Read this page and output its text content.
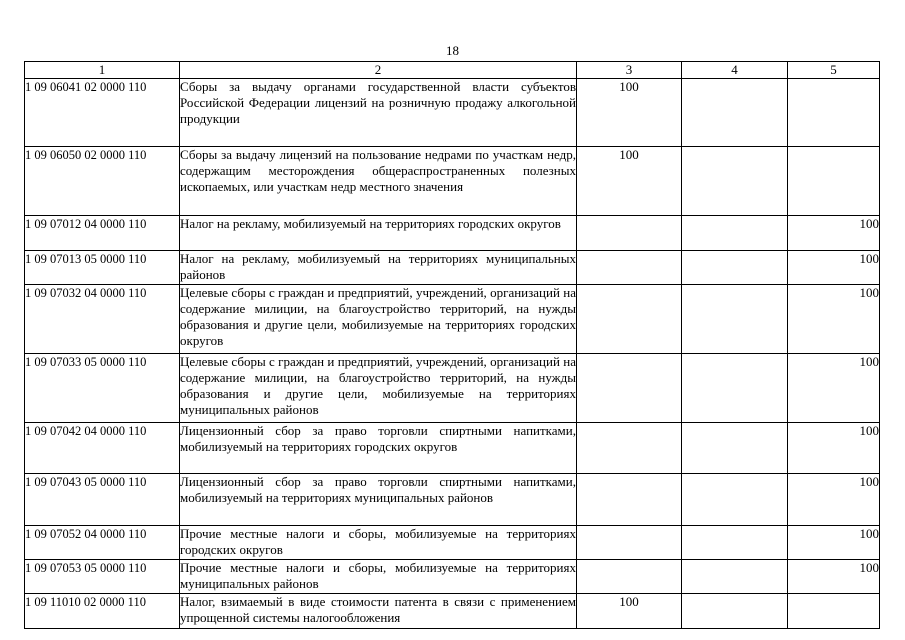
18
1	2	3	4	5
1 09 06041 02 0000 110	Сборы за выдачу органами государственной власти субъектов Российской Федерации лицензий на розничную продажу алкогольной продукции	100		
1 09 06050 02 0000 110	Сборы за выдачу лицензий на пользование недрами по участкам недр, содержащим месторождения общераспространенных полезных ископаемых, или участкам недр местного значения	100		
1 09 07012 04 0000 110	Налог на рекламу, мобилизуемый на территориях городских округов			100
1 09 07013 05 0000 110	Налог на рекламу, мобилизуемый на территориях муниципальных районов			100
1 09 07032 04 0000 110	Целевые сборы с граждан и предприятий, учреждений, организаций на содержание милиции, на благоустройство территорий, на нужды образования и другие цели, мобилизуемые на территориях городских округов			100
1 09 07033 05 0000 110	Целевые сборы с граждан и предприятий, учреждений, организаций на содержание милиции, на благоустройство территорий, на нужды образования и другие цели, мобилизуемые на территориях муниципальных районов			100
1 09 07042 04 0000 110	Лицензионный сбор за право торговли спиртными напитками, мобилизуемый на территориях городских округов			100
1 09 07043 05 0000 110	Лицензионный сбор за право торговли спиртными напитками, мобилизуемый на территориях муниципальных районов			100
1 09 07052 04 0000 110	Прочие местные налоги и сборы, мобилизуемые на территориях городских округов			100
1 09 07053 05 0000 110	Прочие местные налоги и сборы, мобилизуемые на территориях муниципальных районов			100
1 09 11010 02 0000 110	Налог, взимаемый в виде стоимости патента в связи с применением упрощенной системы налогообложения	100		
